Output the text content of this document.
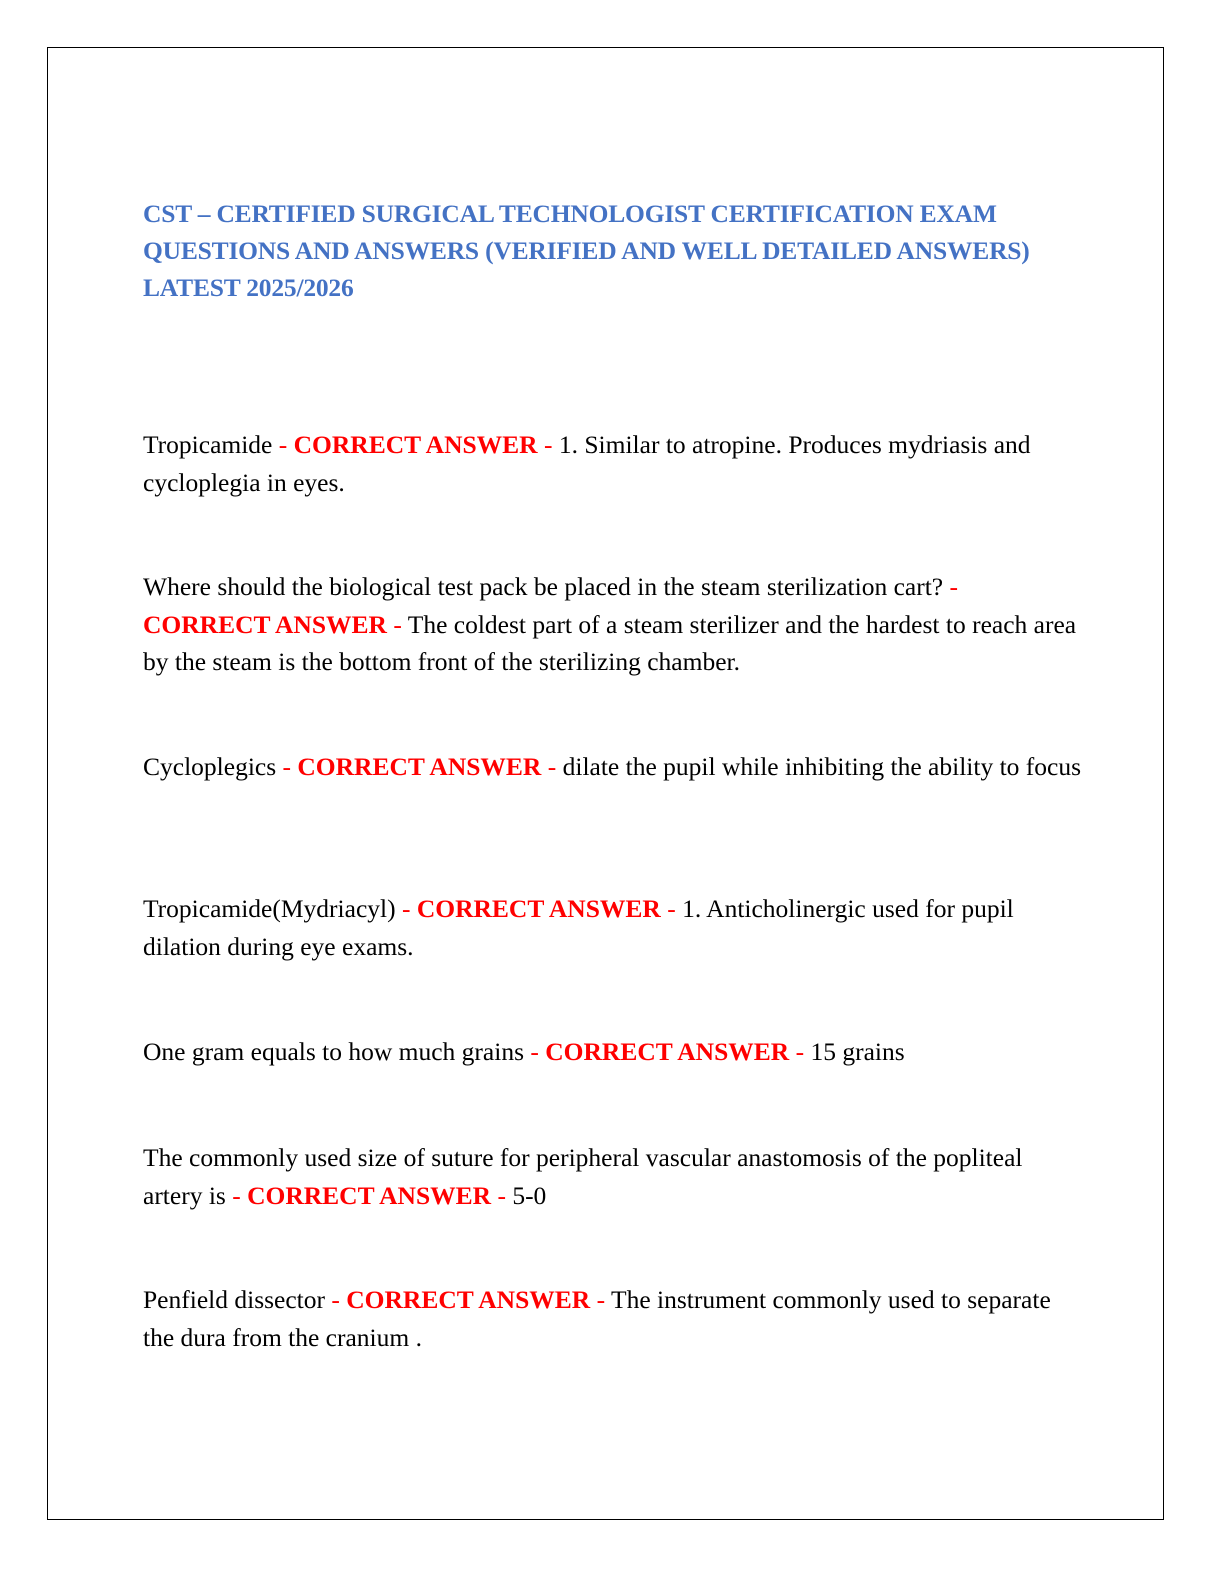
CST – CERTIFIED SURGICAL TECHNOLOGIST CERTIFICATION EXAM QUESTIONS AND ANSWERS (VERIFIED AND WELL DETAILED ANSWERS) LATEST 2025/2026
Tropicamide - CORRECT ANSWER - 1. Similar to atropine. Produces mydriasis and cycloplegia in eyes.
Where should the biological test pack be placed in the steam sterilization cart? - CORRECT ANSWER - The coldest part of a steam sterilizer and the hardest to reach area by the steam is the bottom front of the sterilizing chamber.
Cycloplegics - CORRECT ANSWER - dilate the pupil while inhibiting the ability to focus
Tropicamide(Mydriacyl) - CORRECT ANSWER - 1. Anticholinergic used for pupil dilation during eye exams.
One gram equals to how much grains - CORRECT ANSWER - 15 grains
The commonly used size of suture for peripheral vascular anastomosis of the popliteal artery is - CORRECT ANSWER - 5-0
Penfield dissector - CORRECT ANSWER - The instrument commonly used to separate the dura from the cranium .
